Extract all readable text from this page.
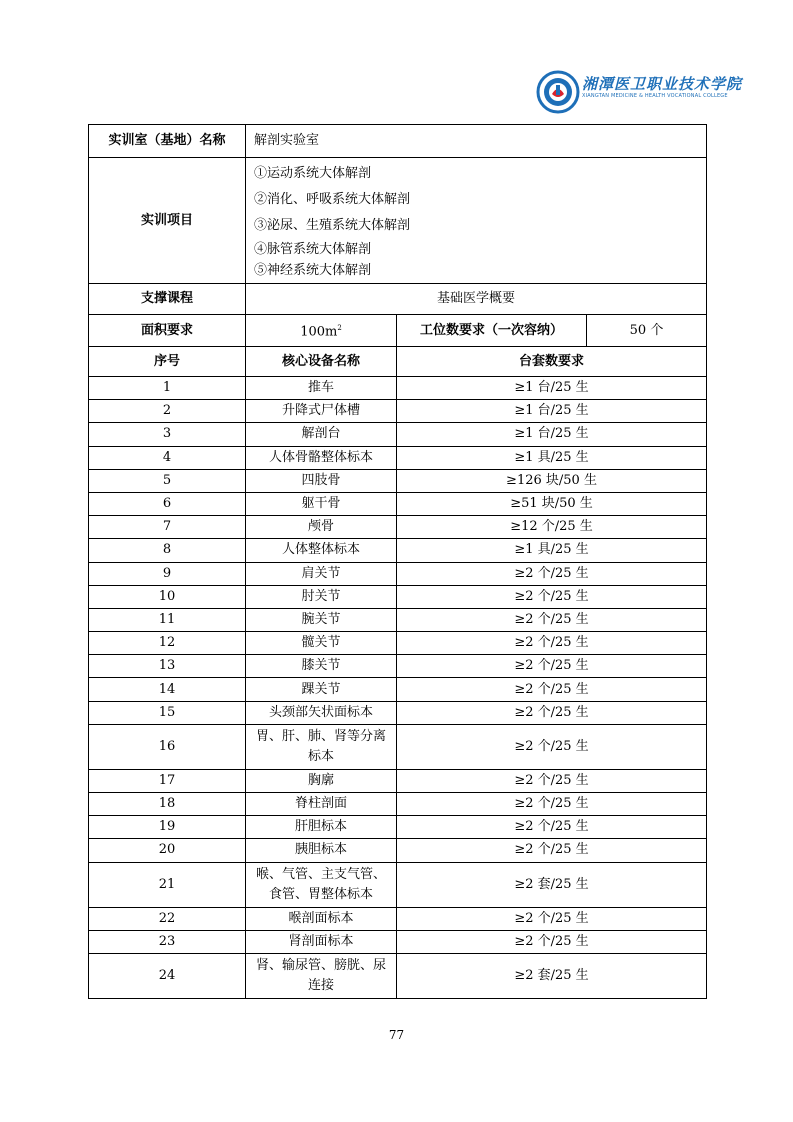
湘潭医卫职业技术学院
XIANGTAN MEDICINE & HEALTH VOCATIONAL COLLEGE
实训室（基地）名称	解剖实验室		
实训项目	①运动系统大体解剖
②消化、呼吸系统大体解剖
③泌尿、生殖系统大体解剖
④脉管系统大体解剖
⑤神经系统大体解剖		

支撑课程	基础医学概要		
面积要求	$100m^2$	工位数要求（一次容纳）	50 个
序号	核心设备名称	台套数要求	
1	推车	≥1 台/25 生	
2	升降式尸体槽	≥1 台/25 生	
3	解剖台	≥1 台/25 生	
4	人体骨骼整体标本	≥1 具/25 生	
5	四肢骨	≥126 块/50 生	
6	躯干骨	≥51 块/50 生	
7	颅骨	≥12 个/25 生	
8	人体整体标本	≥1 具/25 生	
9	肩关节	≥2 个/25 生	
10	肘关节	≥2 个/25 生	
11	腕关节	≥2 个/25 生	
12	髋关节	≥2 个/25 生	
13	膝关节	≥2 个/25 生	
14	踝关节	≥2 个/25 生	
15	头颈部矢状面标本	≥2 个/25 生	
16	胃、肝、肺、肾等分离标本	≥2 个/25 生	
17	胸廓	≥2 个/25 生	
18	脊柱剖面	≥2 个/25 生	
19	肝胆标本	≥2 个/25 生	
20	胰胆标本	≥2 个/25 生	
21	喉、气管、主支气管、食管、胃整体标本	≥2 套/25 生	
22	喉剖面标本	≥2 个/25 生	
23	肾剖面标本	≥2 个/25 生	
24	肾、输尿管、膀胱、尿连接	≥2 套/25 生	
77
